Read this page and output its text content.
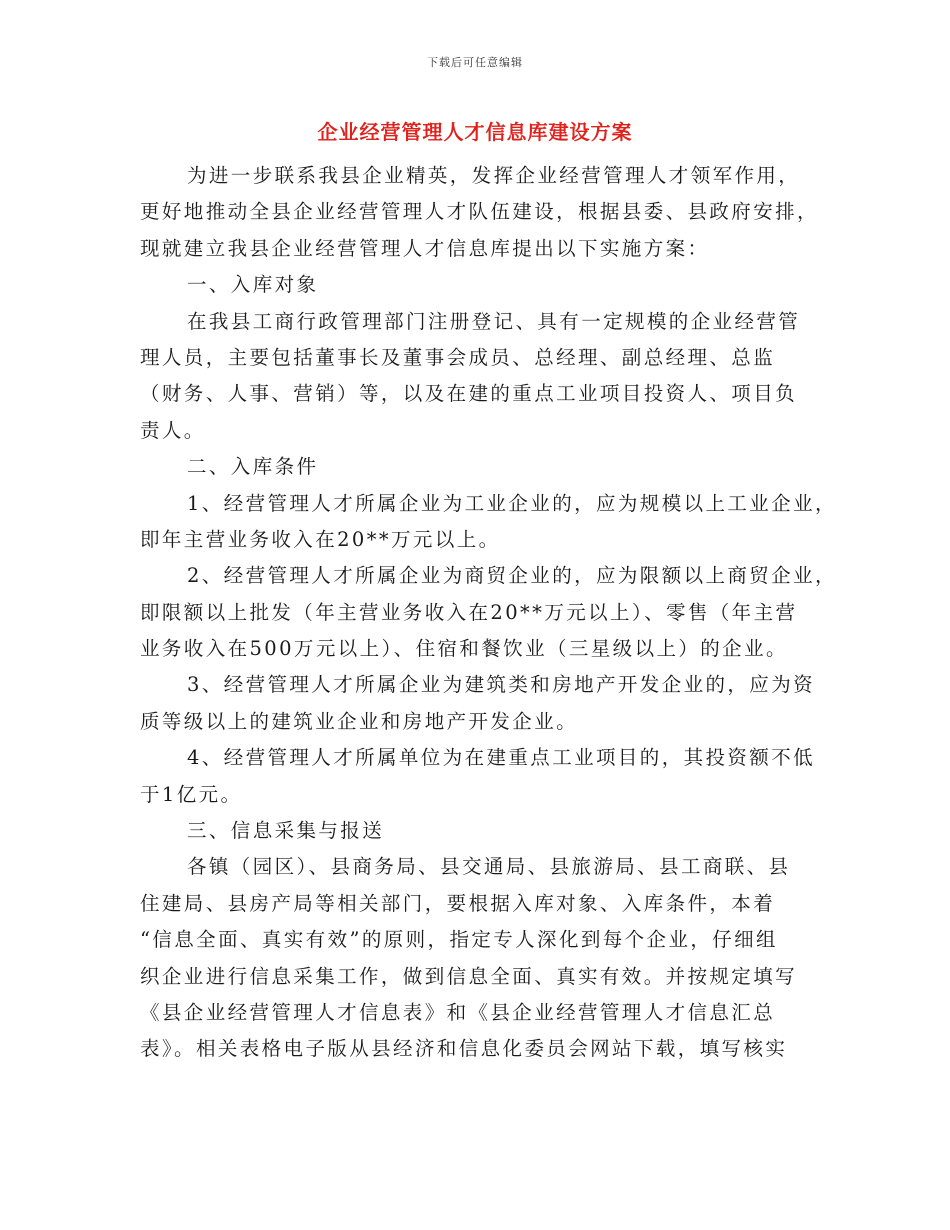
下载后可任意编辑
企业经营管理人才信息库建设方案
为进一步联系我县企业精英，发挥企业经营管理人才领军作用，
更好地推动全县企业经营管理人才队伍建设，根据县委、县政府安排，
现就建立我县企业经营管理人才信息库提出以下实施方案：
一、入库对象
在我县工商行政管理部门注册登记、具有一定规模的企业经营管
理人员，主要包括董事长及董事会成员、总经理、副总经理、总监
（财务、人事、营销）等，以及在建的重点工业项目投资人、项目负
责人。
二、入库条件
1、经营管理人才所属企业为工业企业的，应为规模以上工业企业，
即年主营业务收入在20**万元以上。
2、经营管理人才所属企业为商贸企业的，应为限额以上商贸企业，
即限额以上批发（年主营业务收入在20**万元以上）、零售（年主营
业务收入在500万元以上）、住宿和餐饮业（三星级以上）的企业。
3、经营管理人才所属企业为建筑类和房地产开发企业的，应为资
质等级以上的建筑业企业和房地产开发企业。
4、经营管理人才所属单位为在建重点工业项目的，其投资额不低
于1亿元。
三、信息采集与报送
各镇（园区）、县商务局、县交通局、县旅游局、县工商联、县
住建局、县房产局等相关部门，要根据入库对象、入库条件，本着
“信息全面、真实有效”的原则，指定专人深化到每个企业，仔细组
织企业进行信息采集工作，做到信息全面、真实有效。并按规定填写
《县企业经营管理人才信息表》和《县企业经营管理人才信息汇总
表》。相关表格电子版从县经济和信息化委员会网站下载，填写核实
